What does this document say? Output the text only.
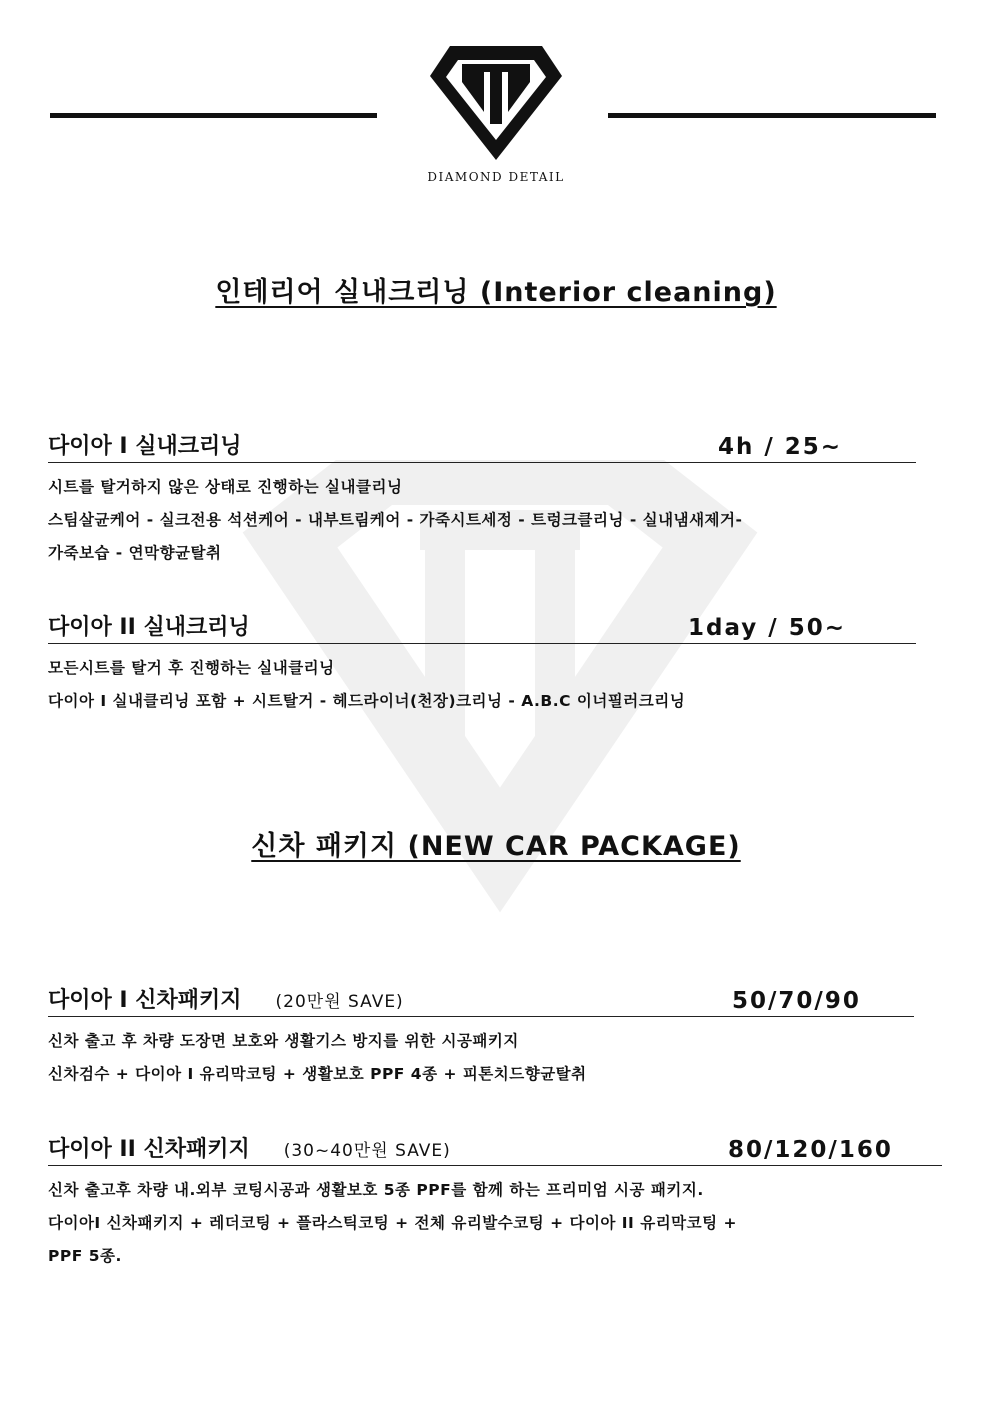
DIAMOND DETAIL
인테리어 실내크리닝 (Interior cleaning)
다이아 I 실내크리닝	4h / 25~
시트를 탈거하지 않은 상태로 진행하는 실내클리닝
스팀살균케어 - 실크전용 석션케어 - 내부트림케어 - 가죽시트세정 - 트렁크클리닝 - 실내냄새제거-
가죽보습 - 연막향균탈취
다이아 II 실내크리닝	1day / 50~
모든시트를 탈거 후 진행하는 실내클리닝
다이아 I 실내클리닝 포함 + 시트탈거 - 헤드라이너(천장)크리닝 - A.B.C 이너필러크리닝
신차 패키지 (NEW CAR PACKAGE)
다이아 I 신차패키지 (20만원 SAVE)	50/70/90
신차 출고 후 차량 도장면 보호와 생활기스 방지를 위한 시공패키지
신차검수 + 다이아 I 유리막코팅 + 생활보호 PPF 4종 + 피톤치드향균탈취
다이아 II 신차패키지 (30~40만원 SAVE)	80/120/160
신차 출고후 차량 내.외부 코팅시공과 생활보호 5종 PPF를 함께 하는 프리미엄 시공 패키지.
다이아I 신차패키지 + 레더코팅 + 플라스틱코팅 + 전체 유리발수코팅 + 다이아 II 유리막코팅 +
PPF 5종.
